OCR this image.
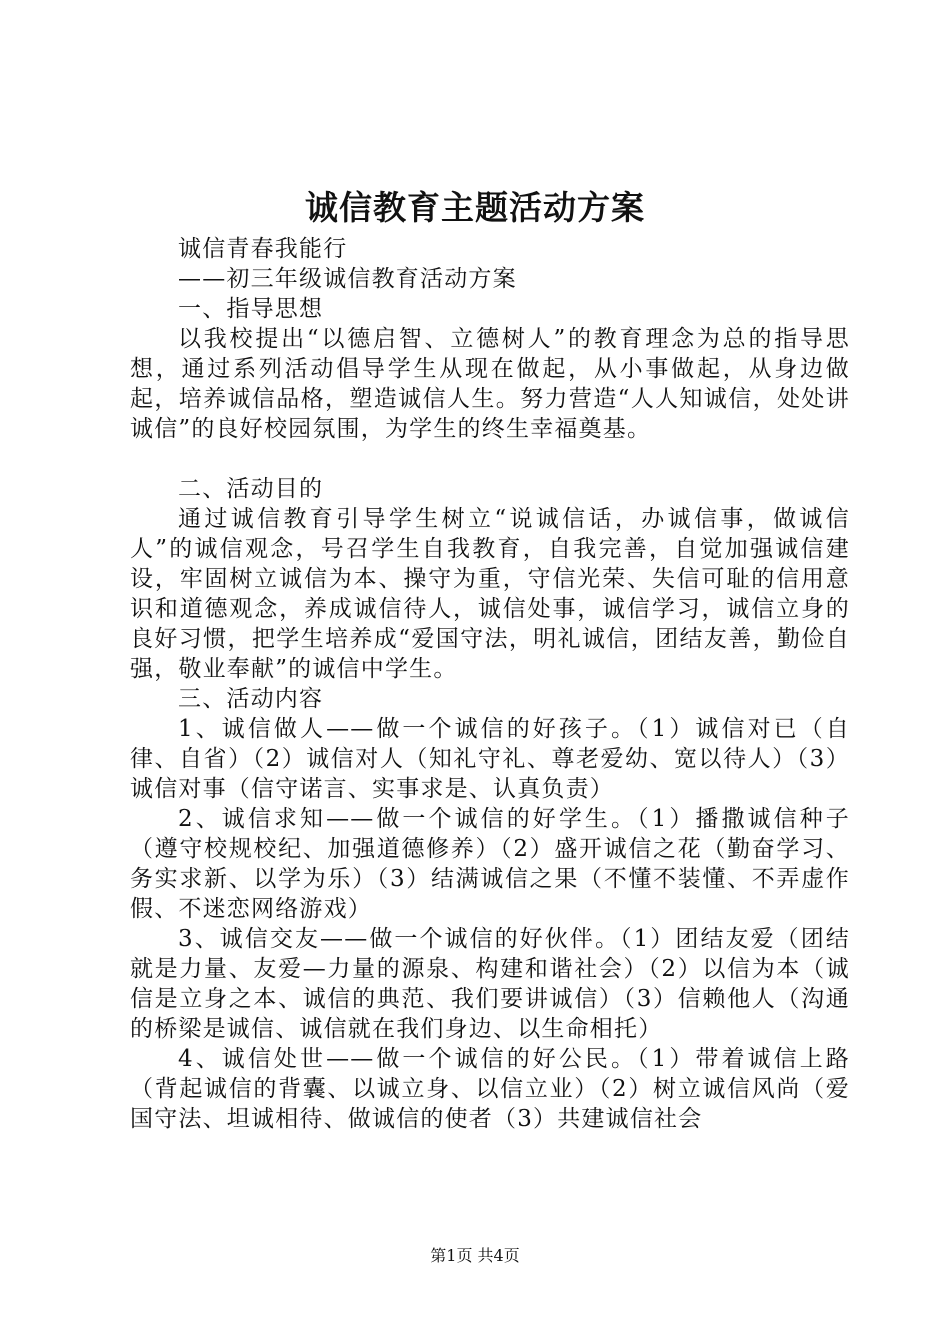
诚信教育主题活动方案

诚信青春我能行

——初三年级诚信教育活动方案

一、指导思想

以我校提出“以德启智、立德树人”的教育理念为总的指导思想，通过系列活动倡导学生从现在做起，从小事做起，从身边做起，培养诚信品格，塑造诚信人生。努力营造“人人知诚信，处处讲诚信”的良好校园氛围，为学生的终生幸福奠基。

二、活动目的

通过诚信教育引导学生树立“说诚信话，办诚信事，做诚信人”的诚信观念，号召学生自我教育，自我完善，自觉加强诚信建设，牢固树立诚信为本、操守为重，守信光荣、失信可耻的信用意识和道德观念，养成诚信待人，诚信处事，诚信学习，诚信立身的良好习惯，把学生培养成“爱国守法，明礼诚信，团结友善，勤俭自强，敬业奉献”的诚信中学生。

三、活动内容

1、诚信做人——做一个诚信的好孩子。（1）诚信对已（自律、自省）（2）诚信对人（知礼守礼、尊老爱幼、宽以待人）（3）诚信对事（信守诺言、实事求是、认真负责）

2、诚信求知——做一个诚信的好学生。（1）播撒诚信种子（遵守校规校纪、加强道德修养）（2）盛开诚信之花（勤奋学习、务实求新、以学为乐）（3）结满诚信之果（不懂不装懂、不弄虚作假、不迷恋网络游戏）

3、诚信交友——做一个诚信的好伙伴。（1）团结友爱（团结就是力量、友爱—力量的源泉、构建和谐社会）（2）以信为本（诚信是立身之本、诚信的典范、我们要讲诚信）（3）信赖他人（沟通的桥梁是诚信、诚信就在我们身边、以生命相托）

4、诚信处世——做一个诚信的好公民。（1）带着诚信上路（背起诚信的背囊、以诚立身、以信立业）（2）树立诚信风尚（爱国守法、坦诚相待、做诚信的使者（3）共建诚信社会

第1页 共4页
